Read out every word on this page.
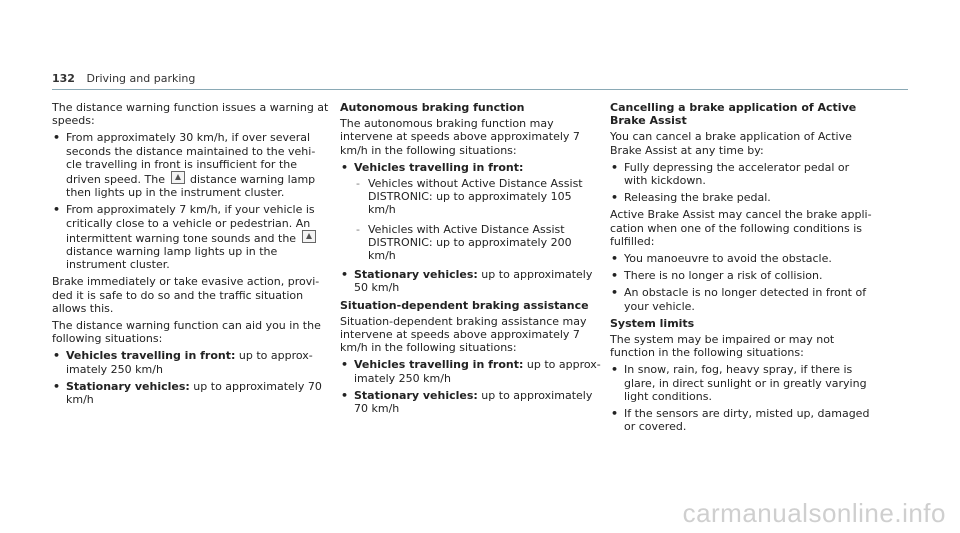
132 Driving and parking

The distance warning function issues a warning at speeds:

• From approximately 30 km/h, if over several seconds the distance maintained to the vehi- cle travelling in front is insufficient for the driven speed. The distance warning lamp then lights up in the instrument cluster.
• From approximately 7 km/h, if your vehicle is critically close to a vehicle or pedestrian. An intermittent warning tone sounds and the  distance warning lamp lights up in the instrument cluster.

Brake immediately or take evasive action, provi- ded it is safe to do so and the traffic situation allows this.

The distance warning function can aid you in the following situations:

• Vehicles travelling in front: up to approx- imately 250 km/h
• Stationary vehicles: up to approximately 70 km/h
Autonomous braking function

The autonomous braking function may intervene at speeds above approximately 7 km/h in the following situations:

• Vehicles travelling in front:
- Vehicles without Active Distance Assist DISTRONIC: up to approximately 105 km/h
- Vehicles with Active Distance Assist DISTRONIC: up to approximately 200 km/h
• Stationary vehicles: up to approximately 50 km/h
Situation-dependent braking assistance

Situation-dependent braking assistance may intervene at speeds above approximately 7 km/h in the following situations:

• Vehicles travelling in front: up to approx- imately 250 km/h
• Stationary vehicles: up to approximately 70 km/h
Cancelling a brake application of Active Brake Assist

You can cancel a brake application of Active Brake Assist at any time by:

• Fully depressing the accelerator pedal or with kickdown.
• Releasing the brake pedal.

Active Brake Assist may cancel the brake appli- cation when one of the following conditions is fulfilled:

• You manoeuvre to avoid the obstacle.
• There is no longer a risk of collision.
• An obstacle is no longer detected in front of your vehicle.
System limits

The system may be impaired or may not function in the following situations:

• In snow, rain, fog, heavy spray, if there is glare, in direct sunlight or in greatly varying light conditions.
• If the sensors are dirty, misted up, damaged or covered.
carmanualsonline.info
